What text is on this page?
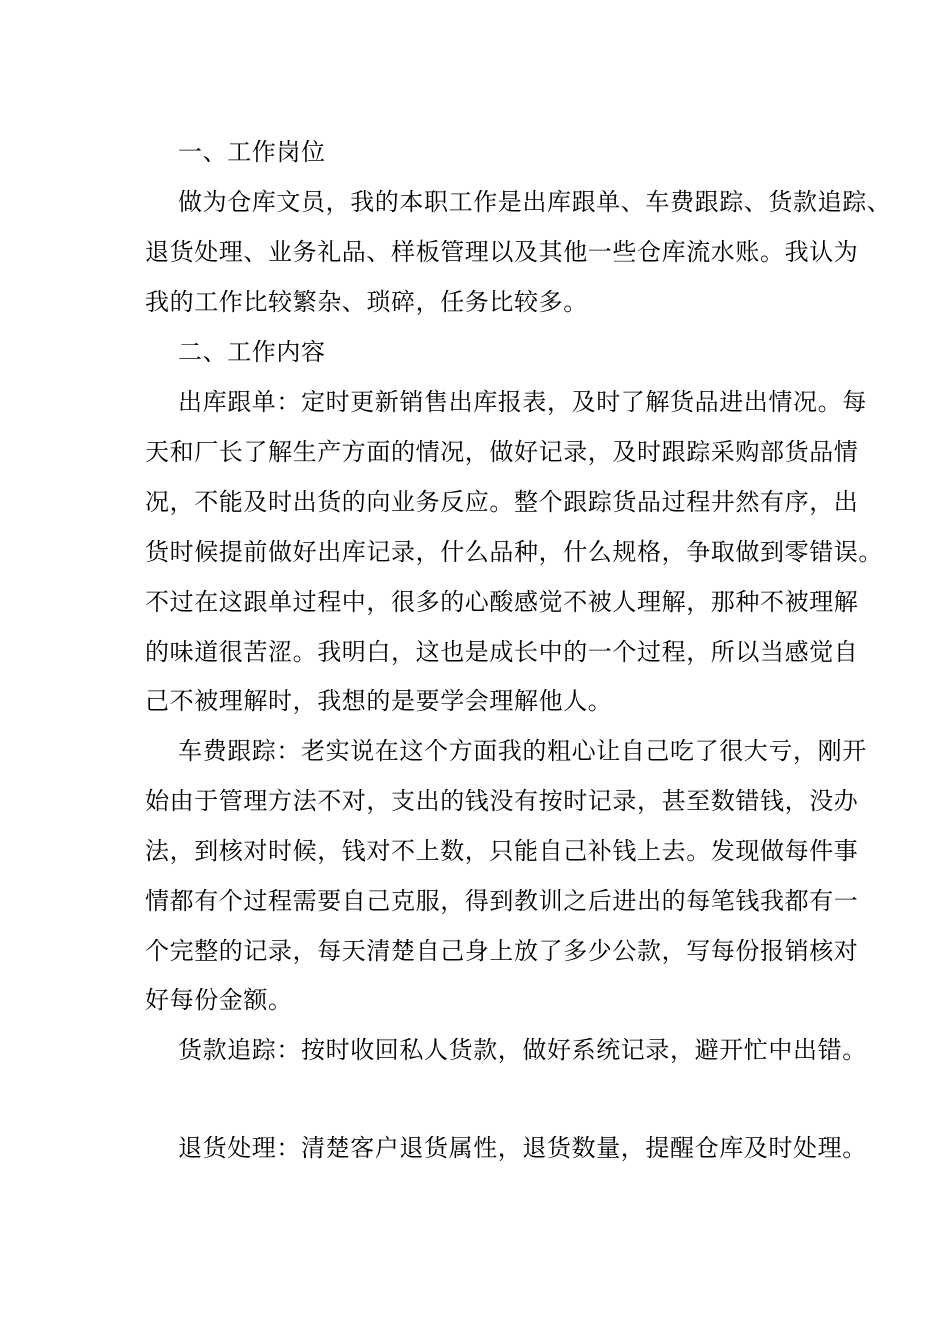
一、工作岗位
做为仓库文员，我的本职工作是出库跟单、车费跟踪、货款追踪、
退货处理、业务礼品、样板管理以及其他一些仓库流水账。我认为
我的工作比较繁杂、琐碎，任务比较多。
二、工作内容
出库跟单：定时更新销售出库报表，及时了解货品进出情况。每
天和厂长了解生产方面的情况，做好记录，及时跟踪采购部货品情
况，不能及时出货的向业务反应。整个跟踪货品过程井然有序，出
货时候提前做好出库记录，什么品种，什么规格，争取做到零错误。
不过在这跟单过程中，很多的心酸感觉不被人理解，那种不被理解
的味道很苦涩。我明白，这也是成长中的一个过程，所以当感觉自
己不被理解时，我想的是要学会理解他人。
车费跟踪：老实说在这个方面我的粗心让自己吃了很大亏，刚开
始由于管理方法不对，支出的钱没有按时记录，甚至数错钱，没办
法，到核对时候，钱对不上数，只能自己补钱上去。发现做每件事
情都有个过程需要自己克服，得到教训之后进出的每笔钱我都有一
个完整的记录，每天清楚自己身上放了多少公款，写每份报销核对
好每份金额。
货款追踪：按时收回私人货款，做好系统记录，避开忙中出错。
退货处理：清楚客户退货属性，退货数量，提醒仓库及时处理。
